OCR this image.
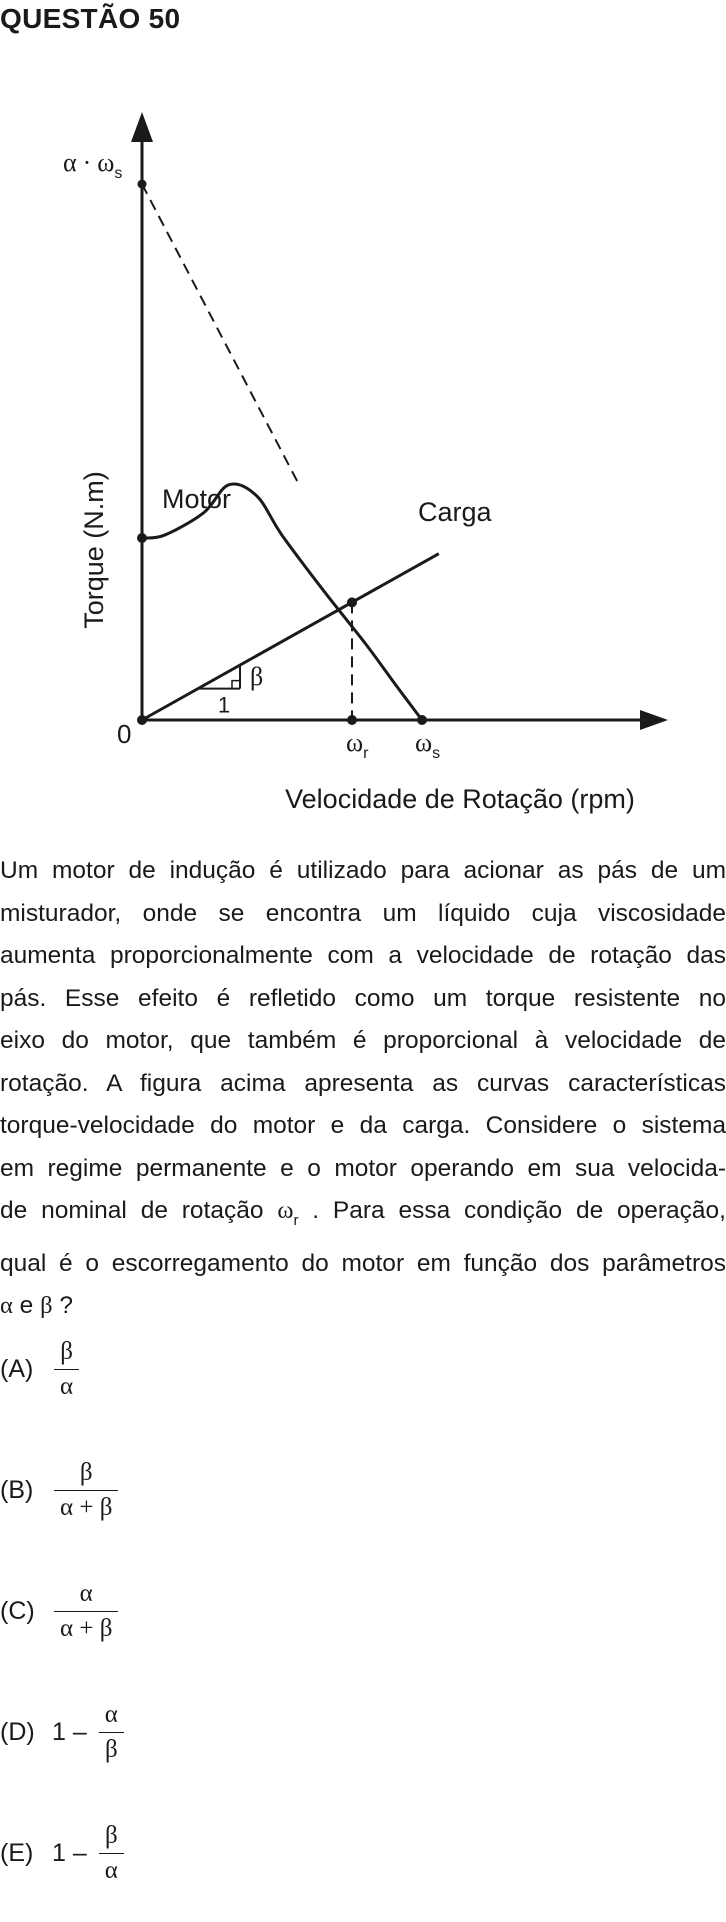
QUESTÃO 50
1
β
Torque (N.m)
Velocidade de Rotação (rpm)
0
$\alpha \cdot \omega_s$
Motor	Carga
$\omega_r$ $\omega_s$
Um motor de indução é utilizado para acionar as pás de um
misturador, onde se encontra um líquido cuja viscosidade
aumenta proporcionalmente com a velocidade de rotação das
pás. Esse efeito é refletido como um torque resistente no
eixo do motor, que também é proporcional à velocidade de
rotação. A figura acima apresenta as curvas características
torque-velocidade do motor e da carga. Considere o sistema
em regime permanente e o motor operando em sua velocida-
de nominal de rotação $\omega_r$ . Para essa condição de operação,
qual é o escorregamento do motor em função dos parâmetros
α e β ?
$(A) \frac{\beta}{\alpha}$
$(B) \frac{\beta}{\alpha + \beta}$
$(C) \frac{\alpha}{\alpha + \beta}$
(D) $1 - \frac{\alpha}{\beta}$
(E) $1 - \frac{\beta}{\alpha}$
